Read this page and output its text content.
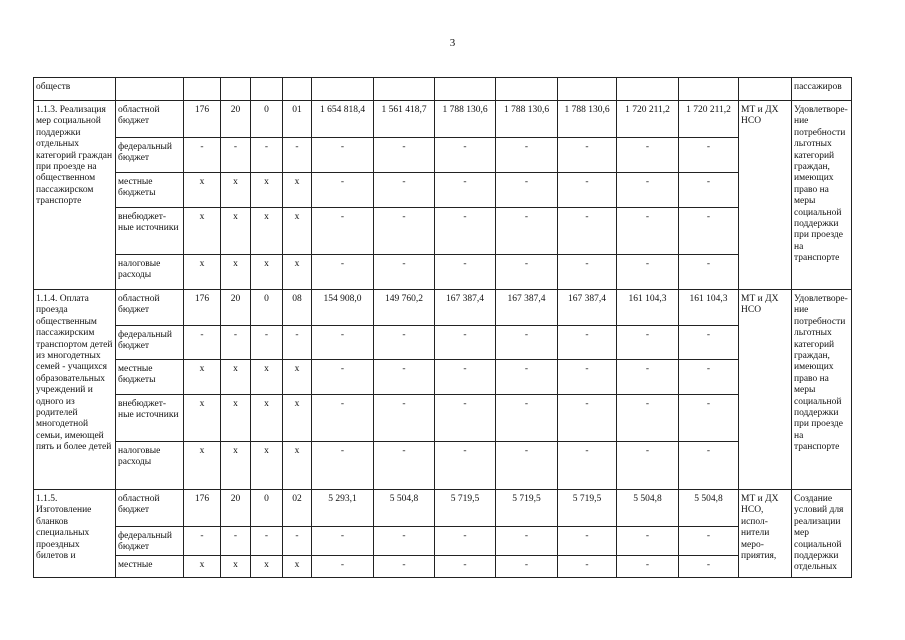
3
обществ														пассажиров
1.1.3. Реализация мер социальной поддержки отдельных категорий граждан при проезде на общественном пассажирском транспорте	областной бюджет	176	20	0	01	1 654 818,4	1 561 418,7	1 788 130,6	1 788 130,6	1 788 130,6	1 720 211,2	1 720 211,2	МТ и ДХ НСО	Удовлетворе-ние потребности льготных категорий граждан, имеющих право на меры социальной поддержки при проезде на транспорте
	федеральный бюджет	-	-	-	-	-	-	-	-	-	-	-		
	местные бюджеты	х	х	х	х	-	-	-	-	-	-	-		
	внебюджет-ные источники	х	х	х	х	-	-	-	-	-	-	-		
	налоговые расходы	х	х	х	х	-	-	-	-	-	-	-		
1.1.4. Оплата проезда общественным пассажирским транспортом детей из многодетных семей - учащихся образовательных учреждений и одного из родителей многодетной семьи, имеющей пять и более детей	областной бюджет	176	20	0	08	154 908,0	149 760,2	167 387,4	167 387,4	167 387,4	161 104,3	161 104,3	МТ и ДХ НСО	Удовлетворе-ние потребности льготных категорий граждан, имеющих право на меры социальной поддержки при проезде на транспорте
	федеральный бюджет	-	-	-	-	-	-	-	-	-	-	-		
	местные бюджеты	х	х	х	х	-	-	-	-	-	-	-		
	внебюджет-ные источники	х	х	х	х	-	-	-	-	-	-	-		
	налоговые расходы	х	х	х	х	-	-	-	-	-	-	-		
1.1.5. Изготовление бланков специальных проездных билетов и	областной бюджет	176	20	0	02	5 293,1	5 504,8	5 719,5	5 719,5	5 719,5	5 504,8	5 504,8	МТ и ДХ НСО, испол-нители меро-приятия,	Создание условий для реализации мер социальной поддержки отдельных
	федеральный бюджет	-	-	-	-	-	-	-	-	-	-	-		
	местные	х	х	х	х	-	-	-	-	-	-	-		
